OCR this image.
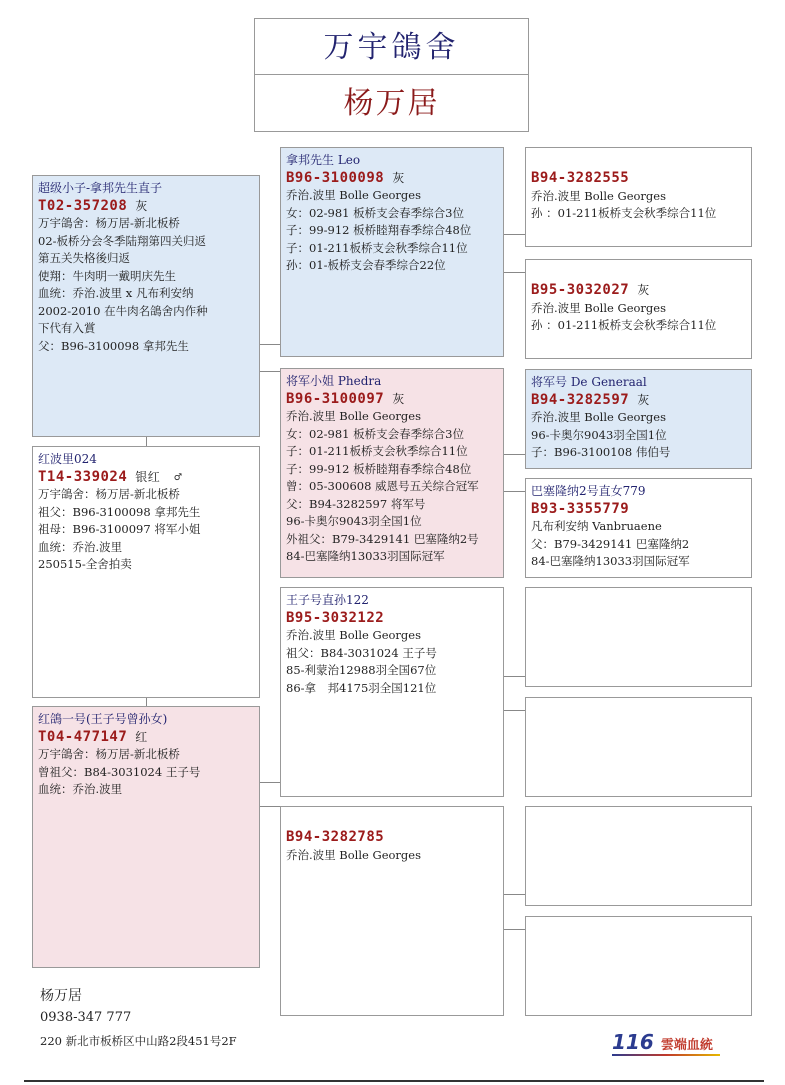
万宇鴿舍
杨万居
超级小子-拿邦先生直子
T02-357208 灰
万宇鴿舍：杨万居-新北板桥
02-板桥分会冬季陆翔第四关归返
第五关失格後归返
使翔：牛肉明一戴明庆先生
血统：乔治.波里 x 凡布利安纳
2002-2010 在牛肉名鴿舍内作种
下代有入賞
父：B96-3100098 拿邦先生
红波里024
T14-339024 银红 ♂
万宇鴿舍：杨万居-新北板桥
祖父：B96-3100098 拿邦先生
祖母：B96-3100097 将军小姐
血统：乔治.波里
250515-全舍拍卖
红鴿一号(王子号曾孙女)
T04-477147 红
万宇鴿舍：杨万居-新北板桥
曾祖父：B84-3031024 王子号
血统：乔治.波里
拿邦先生 Leo
B96-3100098 灰
乔治.波里 Bolle Georges
女：02-981 板桥支会春季综合3位
子：99-912 板桥睦翔春季综合48位
子：01-211板桥支会秋季综合11位
孙：01-板桥支会春季综合22位
将军小姐 Phedra
B96-3100097 灰
乔治.波里 Bolle Georges
女：02-981 板桥支会春季综合3位
子：01-211板桥支会秋季综合11位
子：99-912 板桥睦翔春季综合48位
曾：05-300608 威恩号五关综合冠军
父：B94-3282597 将军号
96-卡奥尔9043羽全国1位
外祖父：B79-3429141 巴塞隆纳2号
84-巴塞隆纳13033羽国际冠军
王子号直孙122
B95-3032122
乔治.波里 Bolle Georges
祖父：B84-3031024 王子号
85-利蒙治12988羽全国67位
86-拿　邦4175羽全国121位
B94-3282785
乔治.波里 Bolle Georges
B94-3282555
乔治.波里 Bolle Georges
孙 ：01-211板桥支会秋季综合11位
B95-3032027 灰
乔治.波里 Bolle Georges
孙 ：01-211板桥支会秋季综合11位
将军号 De Generaal
B94-3282597 灰
乔治.波里 Bolle Georges
96-卡奥尔9043羽全国1位
子：B96-3100108 伟伯号
巴塞隆纳2号直女779
B93-3355779
凡布利安纳 Vanbruaene
父：B79-3429141 巴塞隆纳2
84-巴塞隆纳13033羽国际冠军
杨万居
0938-347 777
220 新北市板桥区中山路2段451号2F	116 雲端血統
